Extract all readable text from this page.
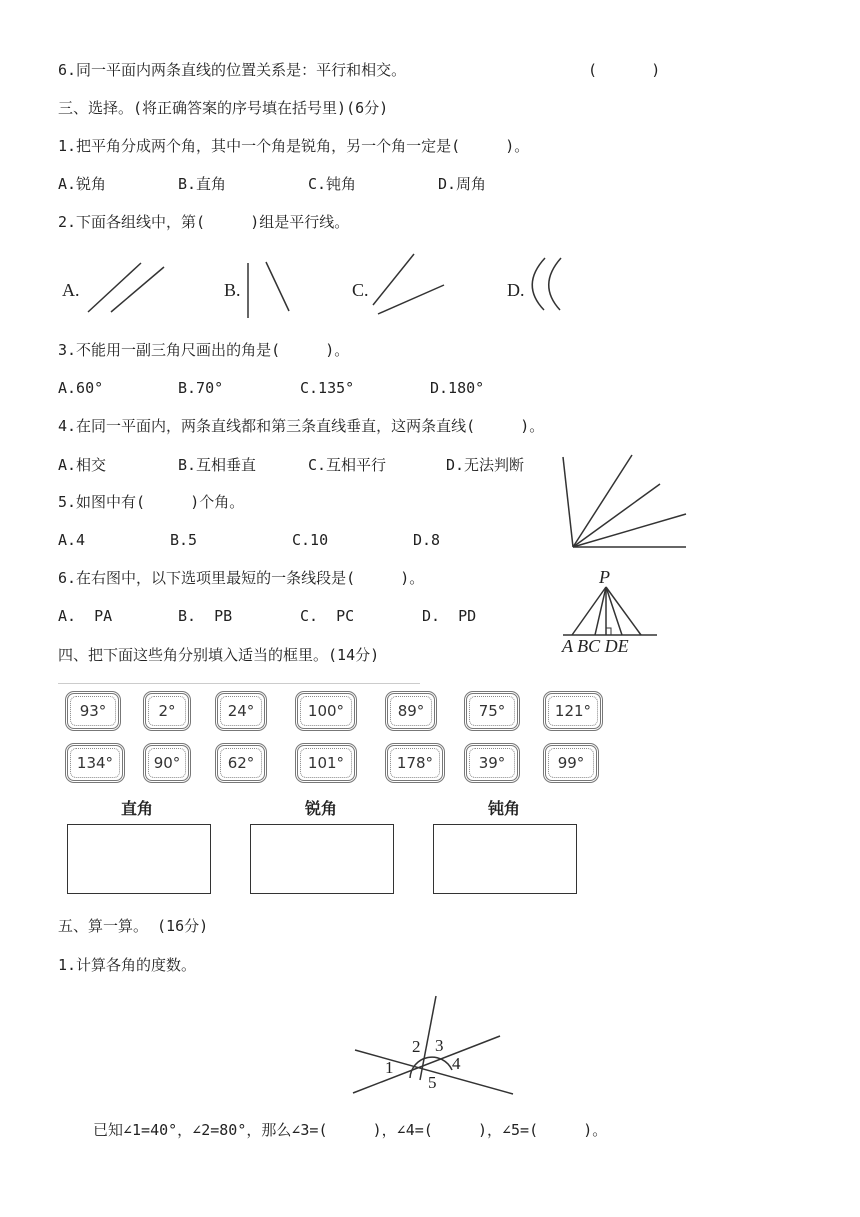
6.同一平面内两条直线的位置关系是：平行和相交。	(      )
三、选择。(将正确答案的序号填在括号里)(6分)
1.把平角分成两个角，其中一个角是锐角，另一个角一定是(     )。
A.锐角	B.直角	C.钝角	D.周角
2.下面各组线中，第(     )组是平行线。
A.	B.	C.	D.
3.不能用一副三角尺画出的角是(     )。
A.60°	B.70°	C.135°	D.180°
4.在同一平面内，两条直线都和第三条直线垂直，这两条直线(     )。
A.相交	B.互相垂直	C.互相平行	D.无法判断
5.如图中有(     )个角。
A.4	B.5	C.10	D.8
6.在右图中，以下选项里最短的一条线段是(     )。
A.  PA	B.  PB	C.  PC	D.  PD
P
A BC DE
四、把下面这些角分别填入适当的框里。(14分)
93°	2°	24°	100°	89°	75°	121°
134°	90°	62°	101°	178°	39°	99°
直角	锐角	钝角
五、算一算。 (16分)
1.计算各角的度数。
1
2 3
4
5
已知∠1=40°，∠2=80°，那么∠3=(     )，∠4=(     )，∠5=(     )。
